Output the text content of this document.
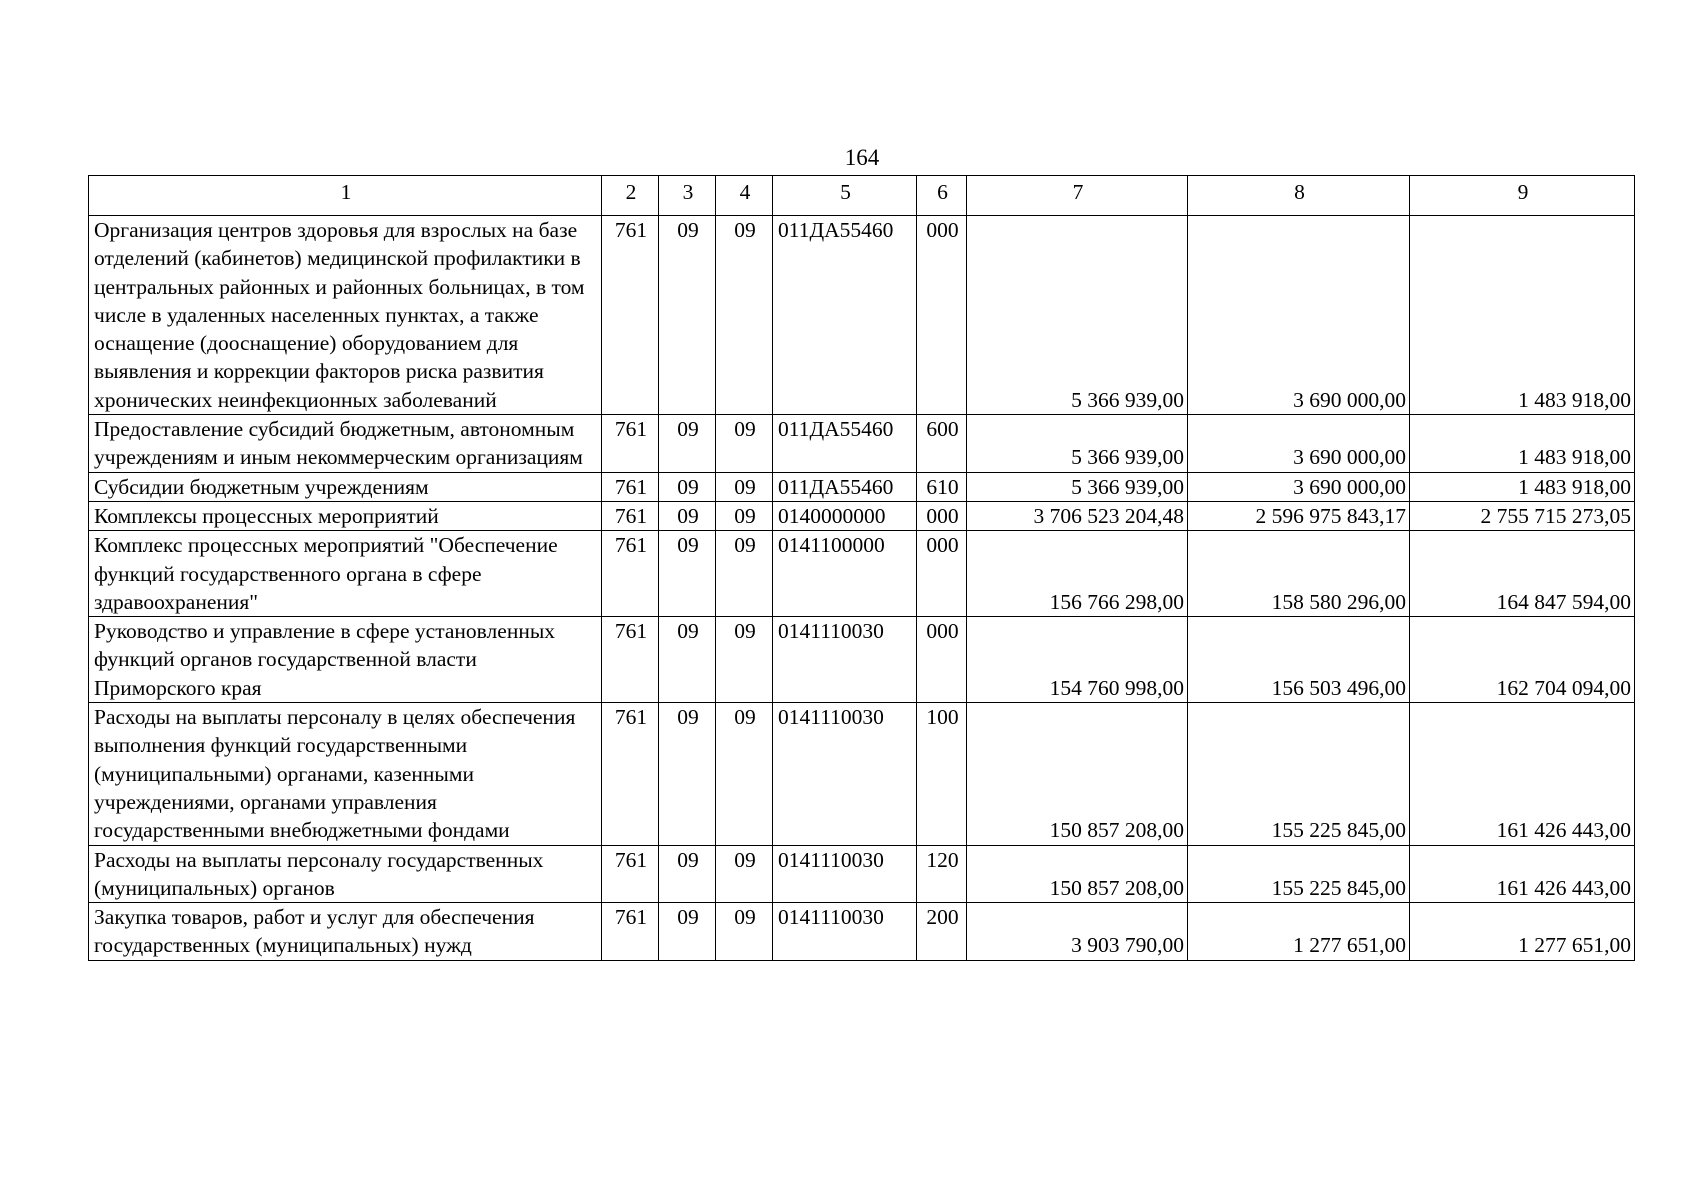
164
1	2	3	4	5	6	7	8	9
Организация центров здоровья для взрослых на базе отделений (кабинетов) медицинской профилактики в центральных районных и районных больницах, в том числе в удаленных населенных пунктах, а также оснащение (дооснащение) оборудованием для выявления и коррекции факторов риска развития хронических неинфекционных заболеваний	761	09	09	011ДА55460	000	5 366 939,00	3 690 000,00	1 483 918,00
Предоставление субсидий бюджетным, автономным учреждениям и иным некоммерческим организациям	761	09	09	011ДА55460	600	5 366 939,00	3 690 000,00	1 483 918,00
Субсидии бюджетным учреждениям	761	09	09	011ДА55460	610	5 366 939,00	3 690 000,00	1 483 918,00
Комплексы процессных мероприятий	761	09	09	0140000000	000	3 706 523 204,48	2 596 975 843,17	2 755 715 273,05
Комплекс процессных мероприятий "Обеспечение функций государственного органа в сфере здравоохранения"	761	09	09	0141100000	000	156 766 298,00	158 580 296,00	164 847 594,00
Руководство и управление в сфере установленных функций органов государственной власти Приморского края	761	09	09	0141110030	000	154 760 998,00	156 503 496,00	162 704 094,00
Расходы на выплаты персоналу в целях обеспечения выполнения функций государственными (муниципальными) органами, казенными учреждениями, органами управления государственными внебюджетными фондами	761	09	09	0141110030	100	150 857 208,00	155 225 845,00	161 426 443,00
Расходы на выплаты персоналу государственных (муниципальных) органов	761	09	09	0141110030	120	150 857 208,00	155 225 845,00	161 426 443,00
Закупка товаров, работ и услуг для обеспечения государственных (муниципальных) нужд	761	09	09	0141110030	200	3 903 790,00	1 277 651,00	1 277 651,00
